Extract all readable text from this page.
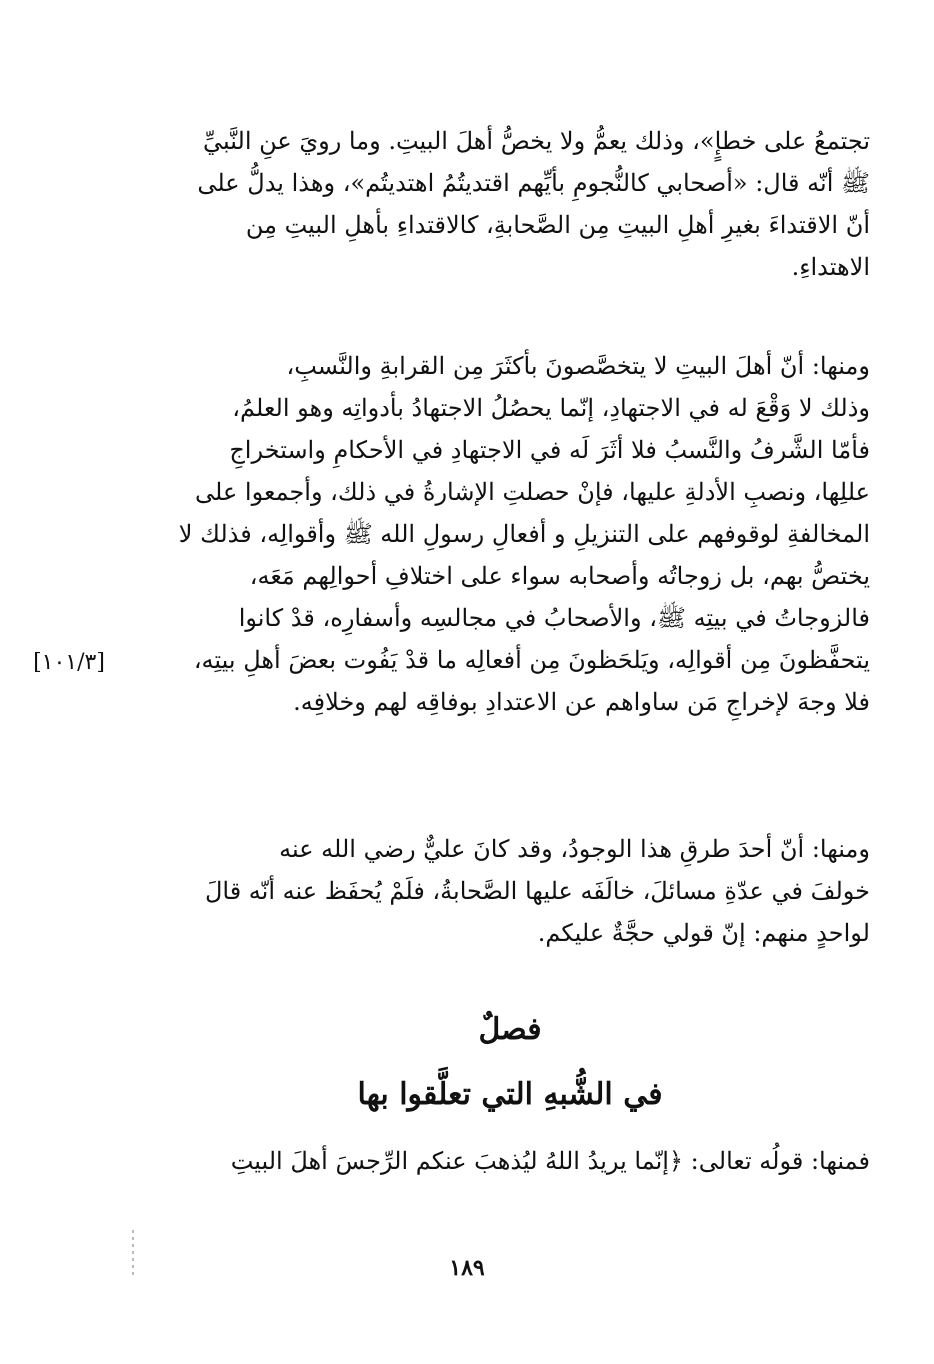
تجتمعُ على خطإٍ»، وذلك يعمُّ ولا يخصُّ أهلَ البيتِ. وما رويَ عنِ النَّبيِّ
ﷺ أنّه قال: «أصحابي كالنُّجومِ بأيِّهم اقتديتُمُ اهتديتُم»، وهذا يدلُّ على
أنّ الاقتداءَ بغيرِ أهلِ البيتِ مِن الصَّحابةِ، كالاقتداءِ بأهلِ البيتِ مِن
الاهتداءِ.
ومنها: أنّ أهلَ البيتِ لا يتخصَّصونَ بأكثَرَ مِن القرابةِ والنَّسبِ،
وذلك لا وَقْعَ له في الاجتهادِ، إنّما يحصُلُ الاجتهادُ بأدواتِه وهو العلمُ،
فأمّا الشَّرفُ والنَّسبُ فلا أثَرَ لَه في الاجتهادِ في الأحكامِ واستخراجِ
عللِها، ونصبِ الأدلةِ عليها، فإنْ حصلتِ الإشارةُ في ذلك، وأجمعوا على
المخالفةِ لوقوفهم على التنزيلِ و أفعالِ رسولِ الله ﷺ وأقوالِه، فذلك لا
يختصُّ بهم، بل زوجاتُه وأصحابه سواء على اختلافِ أحوالِهم مَعَه،
فالزوجاتُ في بيتِه ﷺ، والأصحابُ في مجالسِه وأسفارِه، قدْ كانوا
يتحفَّظونَ مِن أقوالِه، ويَلحَظونَ مِن أفعالِه ما قدْ يَفُوت بعضَ أهلِ بيتِه،
فلا وجهَ لإخراجِ مَن ساواهم عن الاعتدادِ بوفاقِه لهم وخلافِه.
[١٠١/٣]
ومنها: أنّ أحدَ طرقِ هذا الوجودُ، وقد كانَ عليٌّ رضي الله عنه
خولفَ في عدّةِ مسائلَ، خالَفَه عليها الصَّحابةُ، فلَمْ يُحفَظ عنه أنّه قالَ
لواحدٍ منهم: إنّ قولي حجَّةٌ عليكم.
فصلٌ
في الشُّبهِ التي تعلَّقوا بها
فمنها: قولُه تعالى: ﴿إنّما يريدُ اللهُ ليُذهبَ عنكم الرِّجسَ أهلَ البيتِ
١٨٩
